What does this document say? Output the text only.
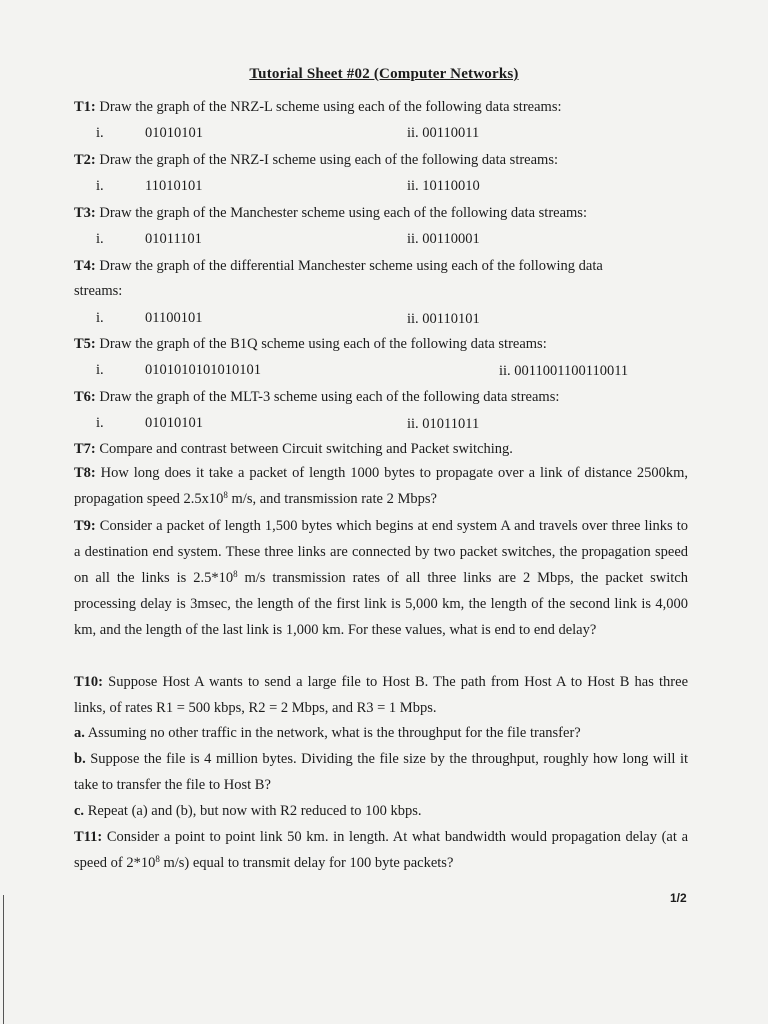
Tutorial Sheet #02 (Computer Networks)
T1: Draw the graph of the NRZ-L scheme using each of the following data streams:
i.	01010101	ii. 00110011
T2: Draw the graph of the NRZ-I scheme using each of the following data streams:
i.	11010101	ii. 10110010
T3: Draw the graph of the Manchester scheme using each of the following data streams:
i.	01011101	ii. 00110001
T4: Draw the graph of the differential Manchester scheme using each of the following data
streams:
i.	01100101	ii. 00110101
T5: Draw the graph of the B1Q scheme using each of the following data streams:
i.	0101010101010101	ii. 0011001100110011
T6: Draw the graph of the MLT-3 scheme using each of the following data streams:
i.	01010101	ii. 01011011
T7: Compare and contrast between Circuit switching and Packet switching.
T8: How long does it take a packet of length 1000 bytes to propagate over a link of distance 2500km, propagation speed $2.5x10^8$ m/s, and transmission rate 2 Mbps?
T9: Consider a packet of length 1,500 bytes which begins at end system A and travels over three links to a destination end system. These three links are connected by two packet switches, the propagation speed on all the links is $2.5*10^8$ m/s transmission rates of all three links are 2 Mbps, the packet switch processing delay is 3msec, the length of the first link is 5,000 km, the length of the second link is 4,000 km, and the length of the last link is 1,000 km. For these values, what is end to end delay?
T10: Suppose Host A wants to send a large file to Host B. The path from Host A to Host B has three links, of rates R1 = 500 kbps, R2 = 2 Mbps, and R3 = 1 Mbps.
a. Assuming no other traffic in the network, what is the throughput for the file transfer?
b. Suppose the file is 4 million bytes. Dividing the file size by the throughput, roughly how long will it take to transfer the file to Host B?
c. Repeat (a) and (b), but now with R2 reduced to 100 kbps.
T11: Consider a point to point link 50 km. in length. At what bandwidth would propagation delay (at a speed of $2*10^8$ m/s) equal to transmit delay for 100 byte packets?
1/2
